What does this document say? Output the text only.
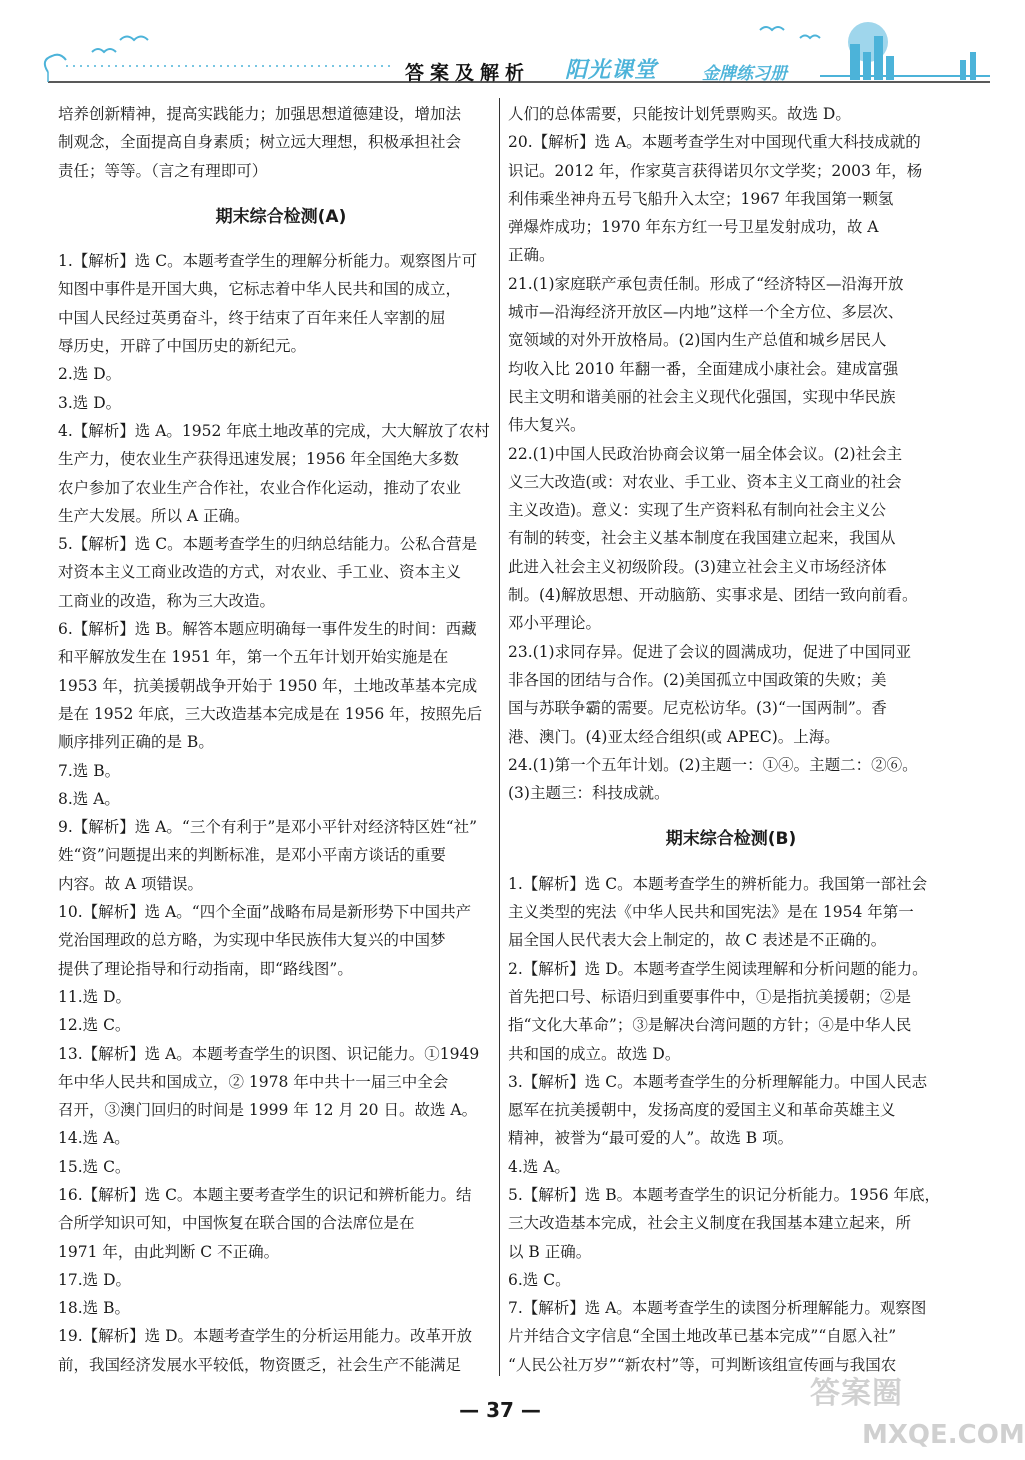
答案及解析 阳光课堂	金牌练习册
培养创新精神，提高实践能力；加强思想道德建设，增加法
制观念，全面提高自身素质；树立远大理想，积极承担社会
责任；等等。（言之有理即可）
期末综合检测(A)
1.【解析】选 C。本题考查学生的理解分析能力。观察图片可
知图中事件是开国大典，它标志着中华人民共和国的成立，
中国人民经过英勇奋斗，终于结束了百年来任人宰割的屈
辱历史，开辟了中国历史的新纪元。
2.选 D。
3.选 D。
4.【解析】选 A。1952 年底土地改革的完成，大大解放了农村
生产力，使农业生产获得迅速发展；1956 年全国绝大多数
农户参加了农业生产合作社，农业合作化运动，推动了农业
生产大发展。所以 A 正确。
5.【解析】选 C。本题考查学生的归纳总结能力。公私合营是
对资本主义工商业改造的方式，对农业、手工业、资本主义
工商业的改造，称为三大改造。
6.【解析】选 B。解答本题应明确每一事件发生的时间：西藏
和平解放发生在 1951 年，第一个五年计划开始实施是在
1953 年，抗美援朝战争开始于 1950 年，土地改革基本完成
是在 1952 年底，三大改造基本完成是在 1956 年，按照先后
顺序排列正确的是 B。
7.选 B。
8.选 A。
9.【解析】选 A。“三个有利于”是邓小平针对经济特区姓“社”
姓“资”问题提出来的判断标准，是邓小平南方谈话的重要
内容。故 A 项错误。
10.【解析】选 A。“四个全面”战略布局是新形势下中国共产
党治国理政的总方略，为实现中华民族伟大复兴的中国梦
提供了理论指导和行动指南，即“路线图”。
11.选 D。
12.选 C。
13.【解析】选 A。本题考查学生的识图、识记能力。①1949
年中华人民共和国成立，② 1978 年中共十一届三中全会
召开，③澳门回归的时间是 1999 年 12 月 20 日。故选 A。
14.选 A。
15.选 C。
16.【解析】选 C。本题主要考查学生的识记和辨析能力。结
合所学知识可知，中国恢复在联合国的合法席位是在
1971 年，由此判断 C 不正确。
17.选 D。
18.选 B。
19.【解析】选 D。本题考查学生的分析运用能力。改革开放
前，我国经济发展水平较低，物资匮乏，社会生产不能满足
人们的总体需要，只能按计划凭票购买。故选 D。
20.【解析】选 A。本题考查学生对中国现代重大科技成就的
识记。2012 年，作家莫言获得诺贝尔文学奖；2003 年，杨
利伟乘坐神舟五号飞船升入太空；1967 年我国第一颗氢
弹爆炸成功；1970 年东方红一号卫星发射成功，故 A
正确。
21.(1)家庭联产承包责任制。形成了“经济特区—沿海开放
城市—沿海经济开放区—内地”这样一个全方位、多层次、
宽领域的对外开放格局。(2)国内生产总值和城乡居民人
均收入比 2010 年翻一番，全面建成小康社会。建成富强
民主文明和谐美丽的社会主义现代化强国，实现中华民族
伟大复兴。
22.(1)中国人民政治协商会议第一届全体会议。(2)社会主
义三大改造(或：对农业、手工业、资本主义工商业的社会
主义改造)。意义：实现了生产资料私有制向社会主义公
有制的转变，社会主义基本制度在我国建立起来，我国从
此进入社会主义初级阶段。(3)建立社会主义市场经济体
制。(4)解放思想、开动脑筋、实事求是、团结一致向前看。
邓小平理论。
23.(1)求同存异。促进了会议的圆满成功，促进了中国同亚
非各国的团结与合作。(2)美国孤立中国政策的失败；美
国与苏联争霸的需要。尼克松访华。(3)“一国两制”。香
港、澳门。(4)亚太经合组织(或 APEC)。上海。
24.(1)第一个五年计划。(2)主题一：①④。主题二：②⑥。
(3)主题三：科技成就。
期末综合检测(B)
1.【解析】选 C。本题考查学生的辨析能力。我国第一部社会
主义类型的宪法《中华人民共和国宪法》是在 1954 年第一
届全国人民代表大会上制定的，故 C 表述是不正确的。
2.【解析】选 D。本题考查学生阅读理解和分析问题的能力。
首先把口号、标语归到重要事件中，①是指抗美援朝；②是
指“文化大革命”；③是解决台湾问题的方针；④是中华人民
共和国的成立。故选 D。
3.【解析】选 C。本题考查学生的分析理解能力。中国人民志
愿军在抗美援朝中，发扬高度的爱国主义和革命英雄主义
精神，被誉为“最可爱的人”。故选 B 项。
4.选 A。
5.【解析】选 B。本题考查学生的识记分析能力。1956 年底，
三大改造基本完成，社会主义制度在我国基本建立起来，所
以 B 正确。
6.选 C。
7.【解析】选 A。本题考查学生的读图分析理解能力。观察图
片并结合文字信息“全国土地改革已基本完成”“自愿入社”
“人民公社万岁”“新农村”等，可判断该组宣传画与我国农
— 37 —	答案圈
MXQE.COM
